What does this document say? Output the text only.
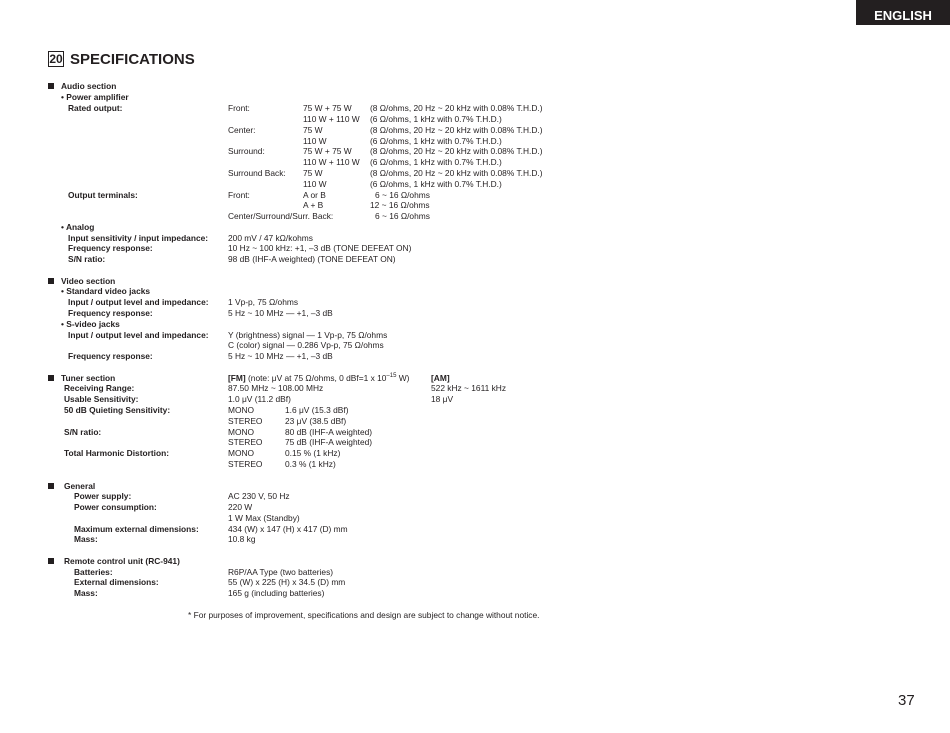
ENGLISH
20 SPECIFICATIONS
Audio section
• Power amplifier
Rated output:	Front:	75 W + 75 W (8 Ω/ohms, 20 Hz ~ 20 kHz with 0.08% T.H.D.)
110 W + 110 W (6 Ω/ohms, 1 kHz with 0.7% T.H.D.)
Center:	75 W	(8 Ω/ohms, 20 Hz ~ 20 kHz with 0.08% T.H.D.)
110 W	(6 Ω/ohms, 1 kHz with 0.7% T.H.D.)
Surround:	75 W + 75 W (8 Ω/ohms, 20 Hz ~ 20 kHz with 0.08% T.H.D.)
110 W + 110 W (6 Ω/ohms, 1 kHz with 0.7% T.H.D.)
Surround Back: 75 W	(8 Ω/ohms, 20 Hz ~ 20 kHz with 0.08% T.H.D.)
110 W	(6 Ω/ohms, 1 kHz with 0.7% T.H.D.)
Output terminals:	Front:	A or B	6 ~ 16 Ω/ohms
A + B	12 ~ 16 Ω/ohms
Center/Surround/Surr. Back:	6 ~ 16 Ω/ohms
• Analog
Input sensitivity / input impedance: 200 mV / 47 kΩ/kohms
Frequency response:	10 Hz ~ 100 kHz: +1, –3 dB (TONE DEFEAT ON)
S/N ratio:	98 dB (IHF-A weighted) (TONE DEFEAT ON)
Video section
• Standard video jacks
Input / output level and impedance: 1 Vp-p, 75 Ω/ohms
Frequency response:	5 Hz ~ 10 MHz — +1, –3 dB
• S-video jacks
Input / output level and impedance: Y (brightness) signal — 1 Vp-p, 75 Ω/ohms
C (color) signal — 0.286 Vp-p, 75 Ω/ohms
Frequency response:	5 Hz ~ 10 MHz — +1, –3 dB
Tuner section	[FM] (note: μV at 75 Ω/ohms, 0 dBf=1 x $10^{-15}$ W)	[AM]
Receiving Range:	87.50 MHz ~ 108.00 MHz	522 kHz ~ 1611 kHz
Usable Sensitivity:	1.0 μV (11.2 dBf)	18 μV
50 dB Quieting Sensitivity:	MONO	1.6 μV (15.3 dBf)
STEREO	23 μV (38.5 dBf)
S/N ratio:	MONO	80 dB (IHF-A weighted)
STEREO	75 dB (IHF-A weighted)
Total Harmonic Distortion:	MONO	0.15 % (1 kHz)
STEREO	0.3 % (1 kHz)
General
Power supply:	AC 230 V, 50 Hz
Power consumption:	220 W
1 W Max (Standby)
Maximum external dimensions:	434 (W) x 147 (H) x 417 (D) mm
Mass:	10.8 kg
Remote control unit (RC-941)
Batteries:	R6P/AA Type (two batteries)
External dimensions:	55 (W) x 225 (H) x 34.5 (D) mm
Mass:	165 g (including batteries)
* For purposes of improvement, specifications and design are subject to change without notice.
37
